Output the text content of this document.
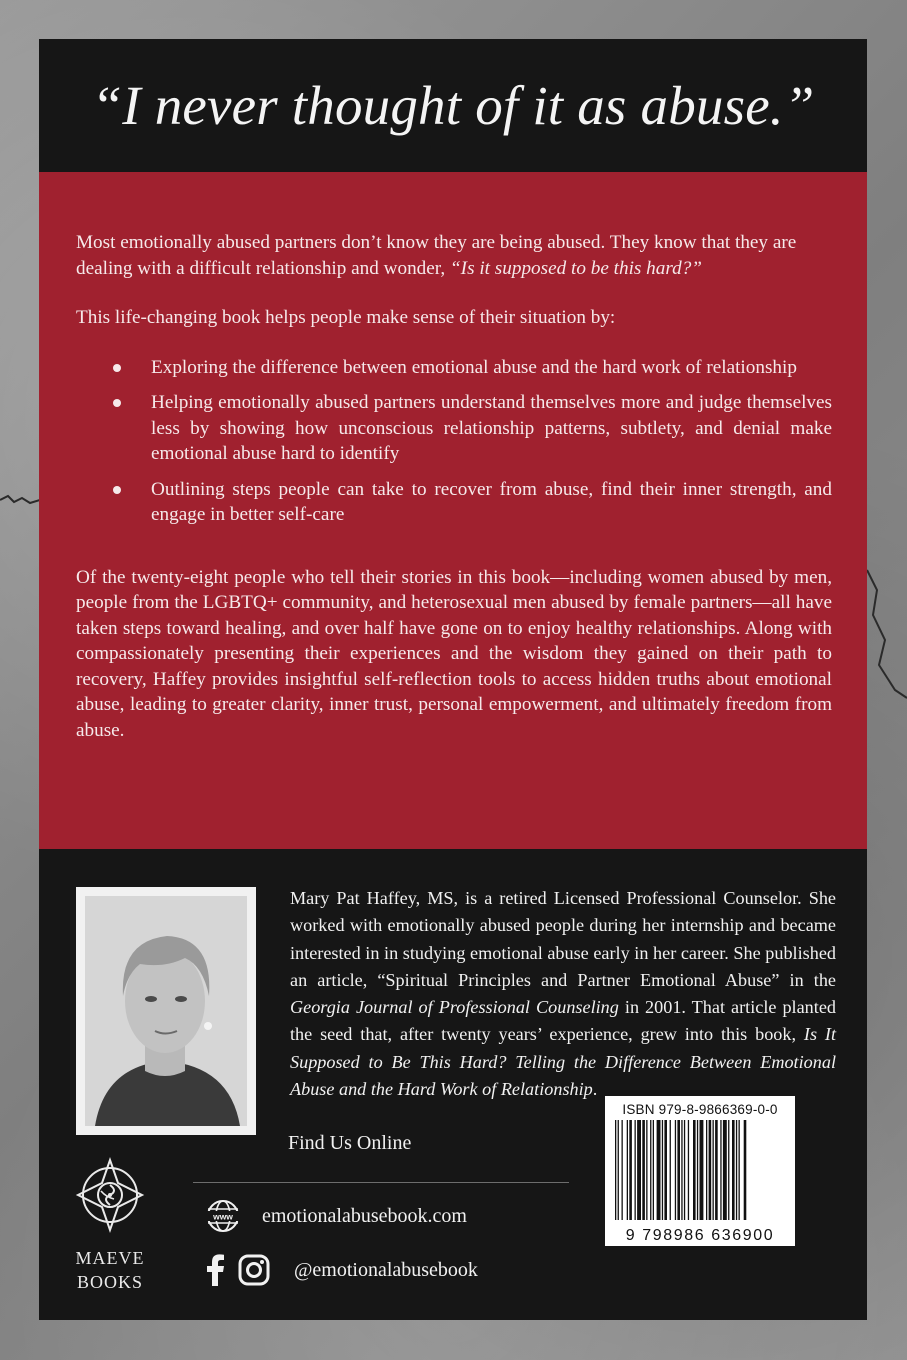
“I never thought of it as abuse.”

Most emotionally abused partners don’t know they are being abused. They know that they are dealing with a difficult relationship and wonder, “Is it supposed to be this hard?”

This life-changing book helps people make sense of their situation by:

Exploring the difference between emotional abuse and the hard work of relationship
Helping emotionally abused partners understand themselves more and judge themselves less by showing how unconscious relationship patterns, subtlety, and denial make emotional abuse hard to identify
Outlining steps people can take to recover from abuse, find their inner strength, and engage in better self-care

Of the twenty-eight people who tell their stories in this book—including women abused by men, people from the LGBTQ+ community, and heterosexual men abused by female partners—all have taken steps toward healing, and over half have gone on to enjoy healthy relationships. Along with compassionately presenting their experiences and the wisdom they gained on their path to recovery, Haffey provides insightful self-reflection tools to access hidden truths about emotional abuse, leading to greater clarity, inner trust, personal empowerment, and ultimately freedom from abuse.

Mary Pat Haffey, MS, is a retired Licensed Professional Counselor. She worked with emotionally abused people during her internship and became interested in in studying emotional abuse early in her career. She published an article, “Spiritual Principles and Partner Emotional Abuse” in the Georgia Journal of Professional Counseling in 2001. That article planted the seed that, after twenty years’ experience, grew into this book, Is It Supposed to Be This Hard? Telling the Difference Between Emotional Abuse and the Hard Work of Relationship.
MAEVE
BOOKS
Find Us Online
www emotionalabusebook.com
@emotionalabusebook
ISBN 979-8-9866369-0-0
9 798986 636900
